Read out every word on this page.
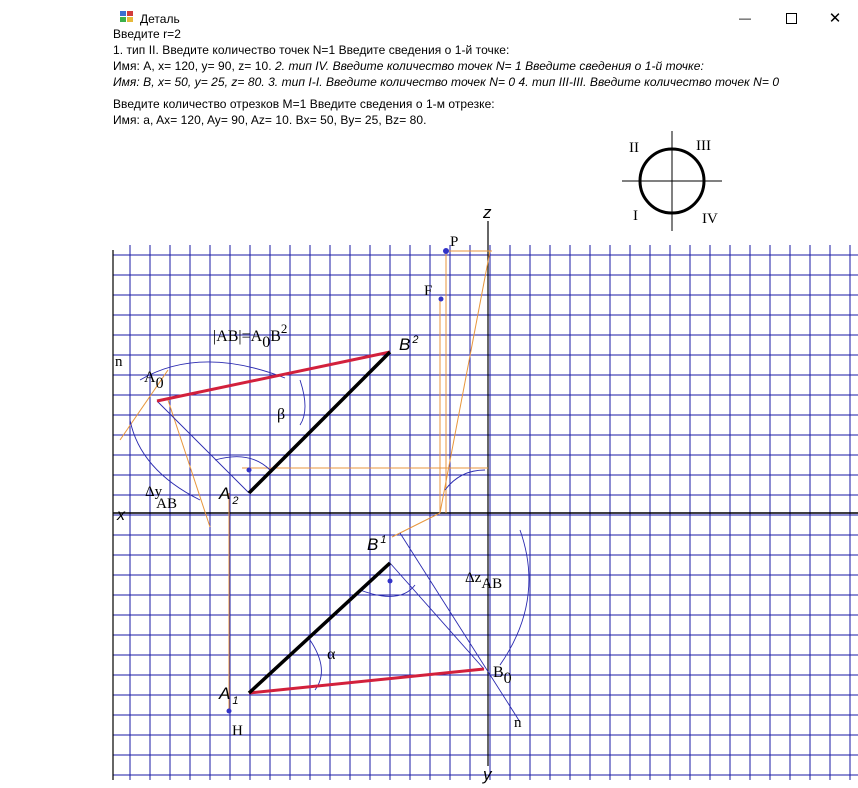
Деталь	—	✕
Введите r=2
1. тип II. Введите количество точек N=1 Введите сведения о 1-й точке:
Имя: A, x= 120, y= 90, z= 10. 2. тип IV. Введите количество точек N= 1 Введите сведения о 1-й точке:
Имя: B, x= 50, y= 25, z= 80. 3. тип I-I. Введите количество точек N= 0 4. тип III-III. Введите количество точек N= 0
Введите количество отрезков M=1 Введите сведения о 1-м отрезке:
Имя: a, Ax= 120, Ay= 90, Az= 10. Bx= 50, By= 25, Bz= 80.
II	III
I	IV
z
x
y
P
F
H
n
n
A0
B0
A $_2$
A $_1$
B $^2$
B $^1$
β
α
Δy AB
ΔzAB
$|AB|=A0B^2$
